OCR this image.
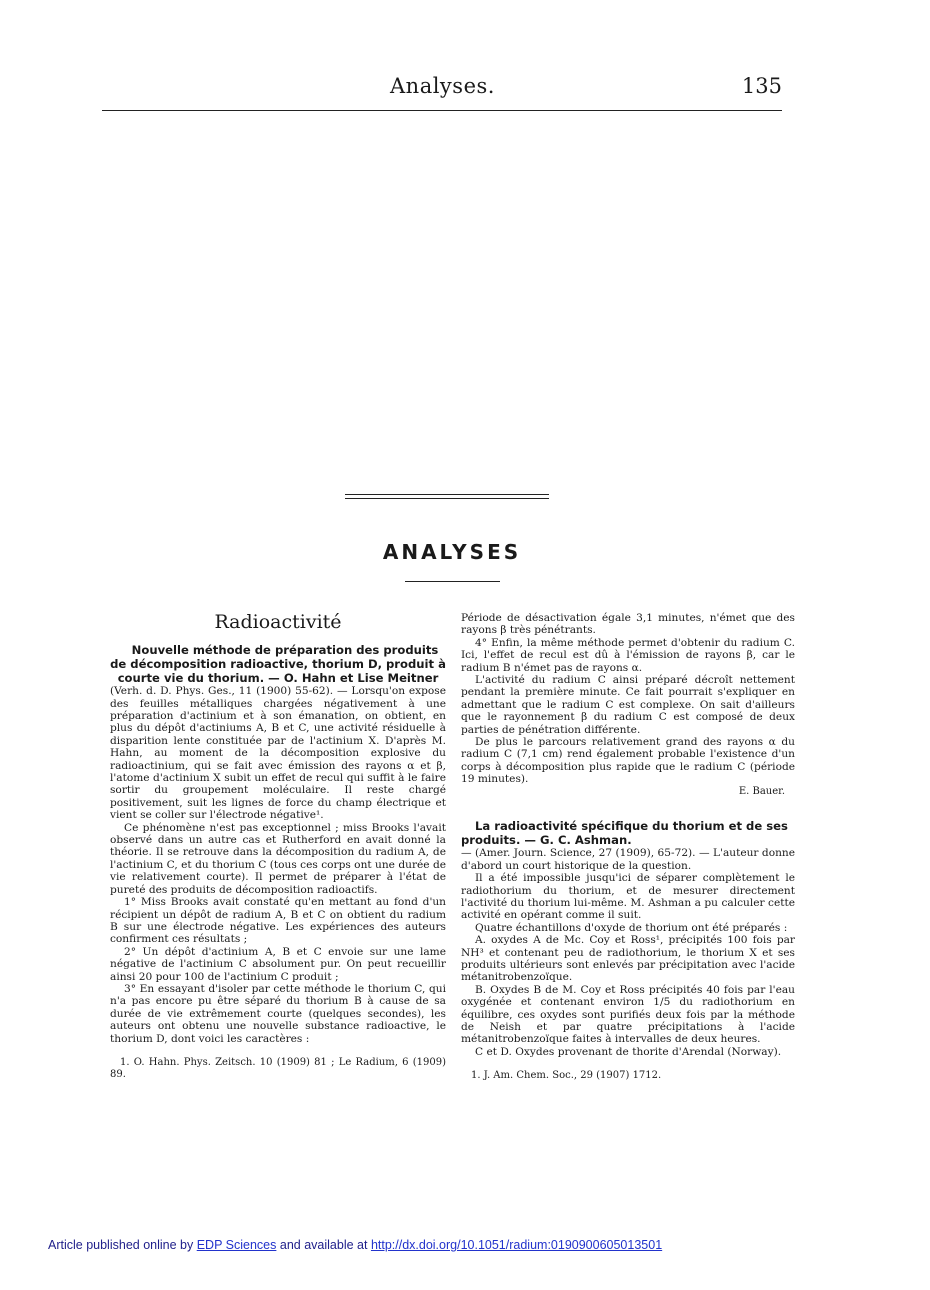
Analyses.	135
ANALYSES
Radioactivité

Nouvelle méthode de préparation des produits de décomposition radioactive, thorium D, produit à courte vie du thorium. — O. Hahn et Lise Meitner

(Verh. d. D. Phys. Ges., 11 (1900) 55-62). — Lorsqu'on expose des feuilles métalliques chargées négativement à une préparation d'actinium et à son émanation, on obtient, en plus du dépôt d'actiniums A, B et C, une activité résiduelle à disparition lente constituée par de l'actinium X. D'après M. Hahn, au moment de la décomposition explosive du radioactinium, qui se fait avec émission des rayons α et β, l'atome d'actinium X subit un effet de recul qui suffit à le faire sortir du groupement moléculaire. Il reste chargé positivement, suit les lignes de force du champ électrique et vient se coller sur l'électrode négative¹.

Ce phénomène n'est pas exceptionnel ; miss Brooks l'avait observé dans un autre cas et Rutherford en avait donné la théorie. Il se retrouve dans la décomposition du radium A, de l'actinium C, et du thorium C (tous ces corps ont une durée de vie relativement courte). Il permet de préparer à l'état de pureté des produits de décomposition radioactifs.

1° Miss Brooks avait constaté qu'en mettant au fond d'un récipient un dépôt de radium A, B et C on obtient du radium B sur une électrode négative. Les expériences des auteurs confirment ces résultats ;

2° Un dépôt d'actinium A, B et C envoie sur une lame négative de l'actinium C absolument pur. On peut recueillir ainsi 20 pour 100 de l'actinium C produit ;

3° En essayant d'isoler par cette méthode le thorium C, qui n'a pas encore pu être séparé du thorium B à cause de sa durée de vie extrêmement courte (quelques secondes), les auteurs ont obtenu une nouvelle substance radioactive, le thorium D, dont voici les caractères :

1. O. Hahn. Phys. Zeitsch. 10 (1909) 81 ; Le Radium, 6 (1909) 89.

Période de désactivation égale 3,1 minutes, n'émet que des rayons β très pénétrants.

4° Enfin, la même méthode permet d'obtenir du radium C. Ici, l'effet de recul est dû à l'émission de rayons β, car le radium B n'émet pas de rayons α.

L'activité du radium C ainsi préparé décroît nettement pendant la première minute. Ce fait pourrait s'expliquer en admettant que le radium C est complexe. On sait d'ailleurs que le rayonnement β du radium C est composé de deux parties de pénétration différente.

De plus le parcours relativement grand des rayons α du radium C (7,1 cm) rend également probable l'existence d'un corps à décomposition plus rapide que le radium C (période 19 minutes).

E. Bauer.

La radioactivité spécifique du thorium et de ses produits. — G. C. Ashman.

— (Amer. Journ. Science, 27 (1909), 65-72). — L'auteur donne d'abord un court historique de la question.

Il a été impossible jusqu'ici de séparer complètement le radiothorium du thorium, et de mesurer directement l'activité du thorium lui-même. M. Ashman a pu calculer cette activité en opérant comme il suit.

Quatre échantillons d'oxyde de thorium ont été préparés :

A. oxydes A de Mc. Coy et Ross¹, précipités 100 fois par NH³ et contenant peu de radiothorium, le thorium X et ses produits ultérieurs sont enlevés par précipitation avec l'acide métanitrobenzoïque.

B. Oxydes B de M. Coy et Ross précipités 40 fois par l'eau oxygénée et contenant environ 1/5 du radiothorium en équilibre, ces oxydes sont purifiés deux fois par la méthode de Neish et par quatre précipitations à l'acide métanitrobenzoïque faites à intervalles de deux heures.

C et D. Oxydes provenant de thorite d'Arendal (Norway).

1. J. Am. Chem. Soc., 29 (1907) 1712.

Article published online by EDP Sciences and available at http://dx.doi.org/10.1051/radium:0190900605013501
